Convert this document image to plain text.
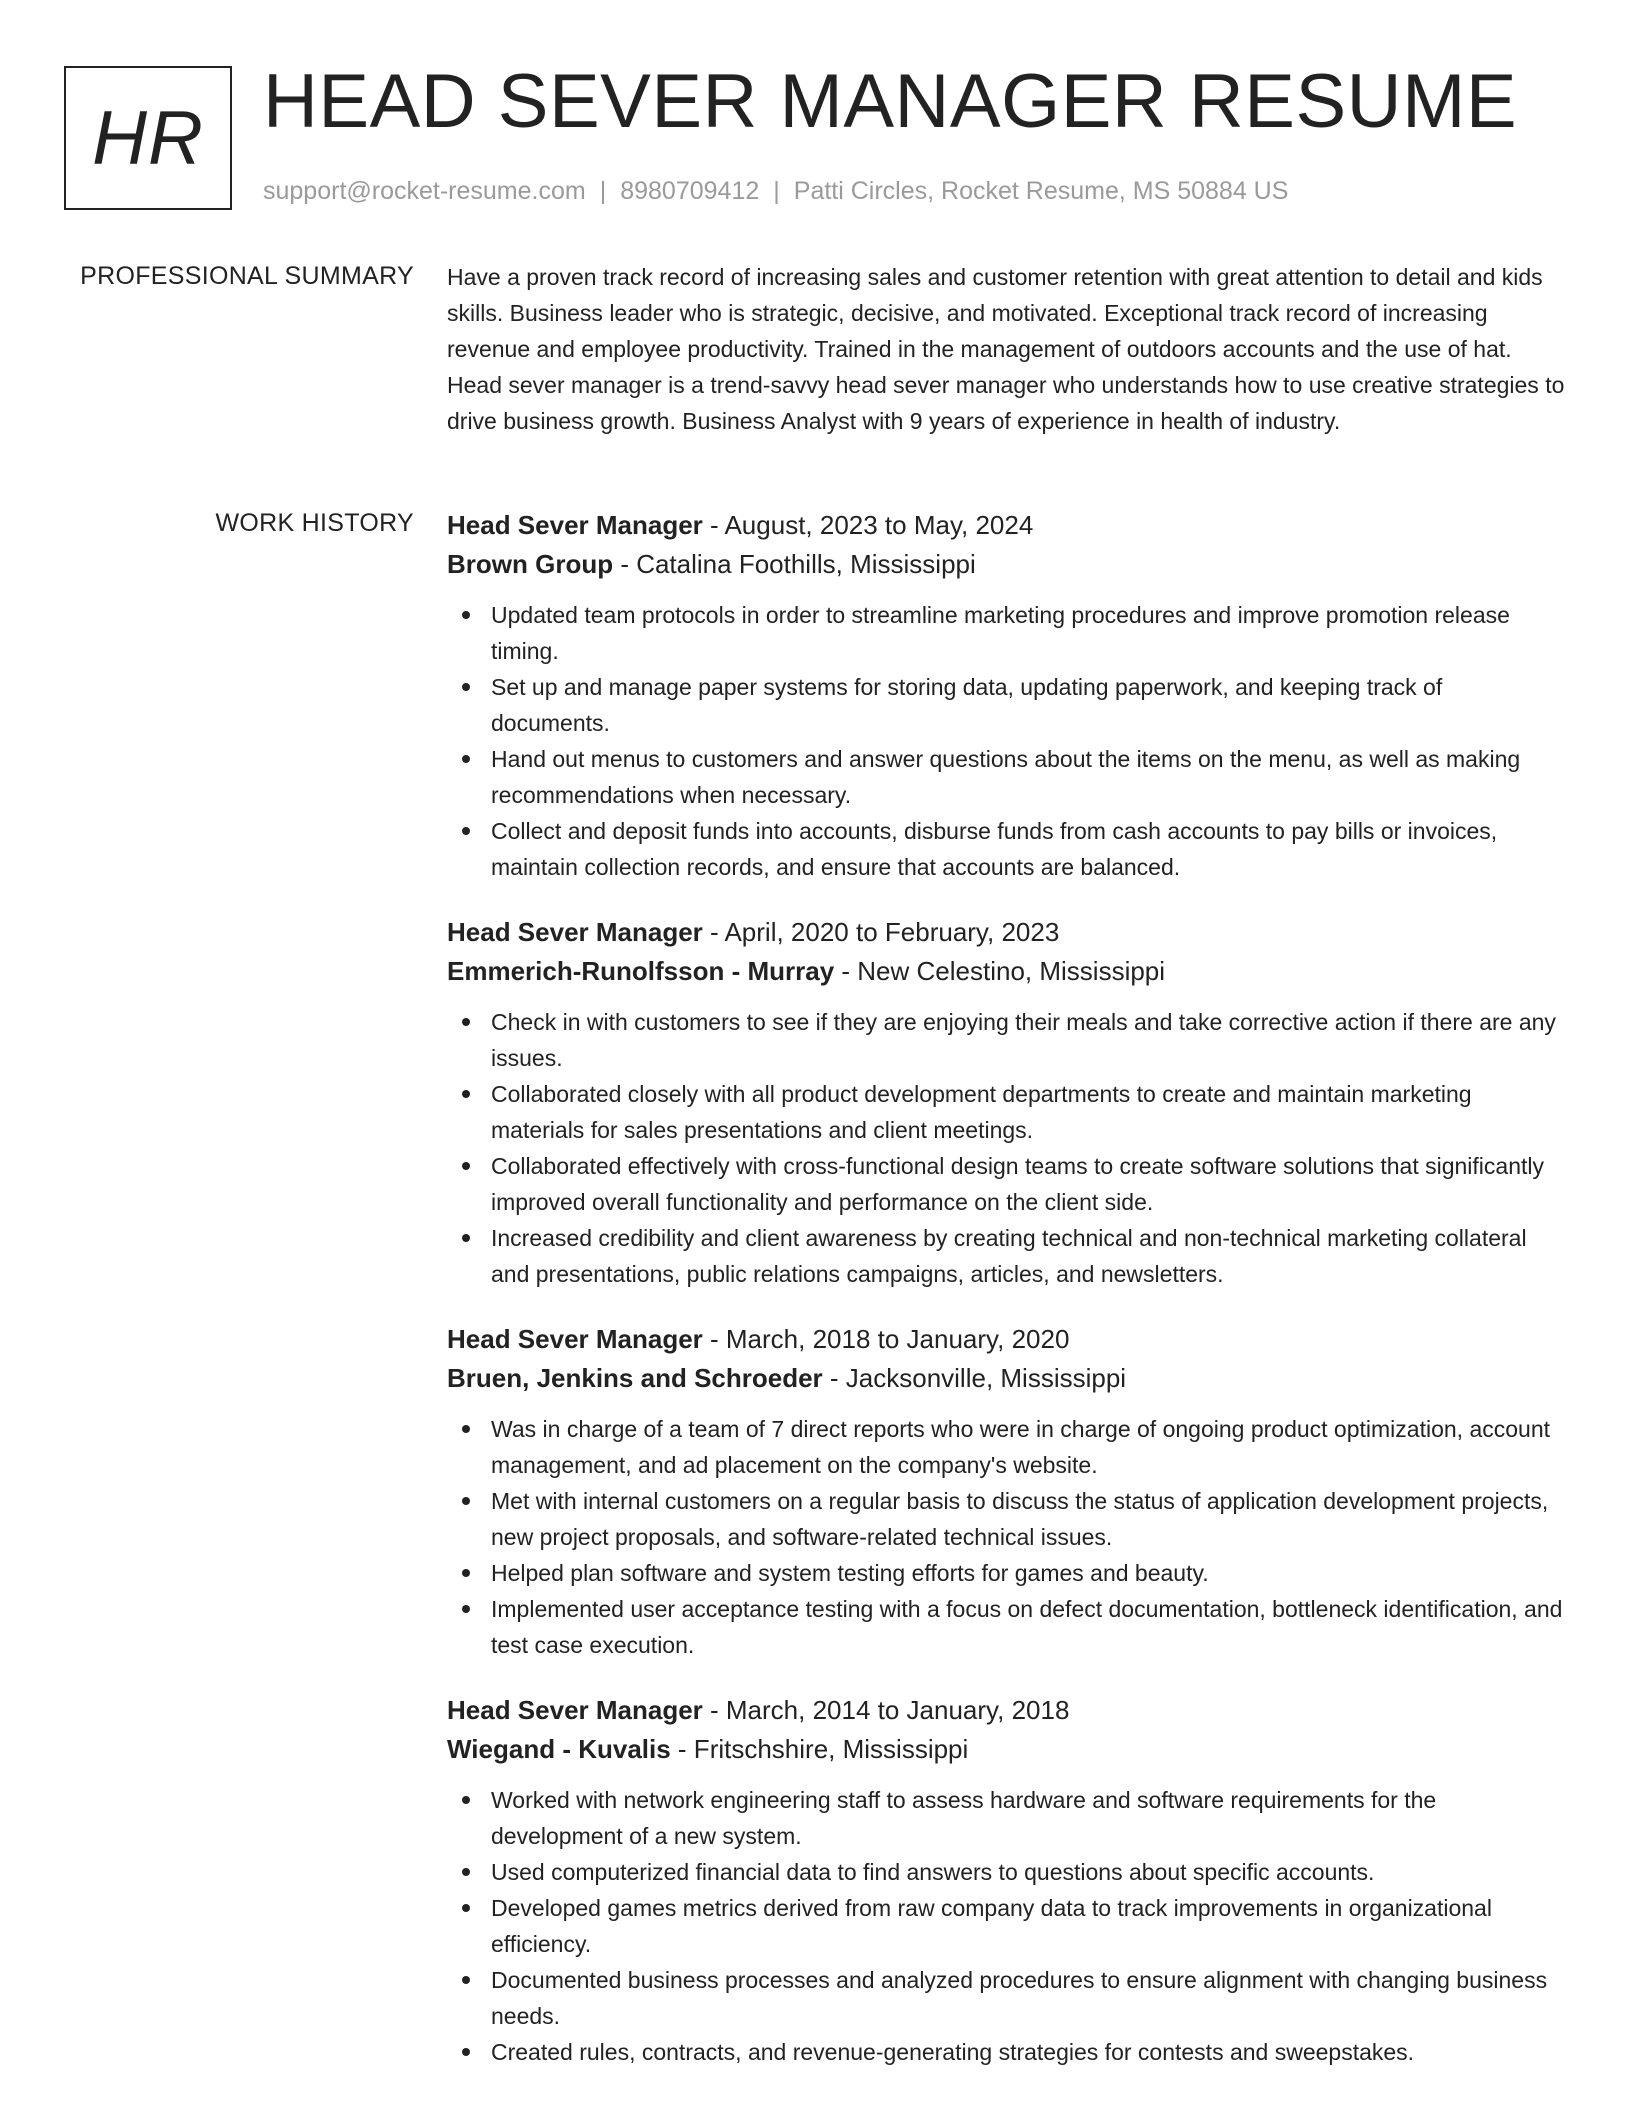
HR HEAD SEVER MANAGER RESUME
support@rocket-resume.com | 8980709412 | Patti Circles, Rocket Resume, MS 50884 US
PROFESSIONAL SUMMARY Have a proven track record of increasing sales and customer retention with great attention to detail and kids skills. Business leader who is strategic, decisive, and motivated. Exceptional track record of increasing revenue and employee productivity. Trained in the management of outdoors accounts and the use of hat. Head sever manager is a trend-savvy head sever manager who understands how to use creative strategies to drive business growth. Business Analyst with 9 years of experience in health of industry.

WORK HISTORY Head Sever Manager - August, 2023 to May, 2024
Brown Group - Catalina Foothills, Mississippi
Updated team protocols in order to streamline marketing procedures and improve promotion release timing.
Set up and manage paper systems for storing data, updating paperwork, and keeping track of documents.
Hand out menus to customers and answer questions about the items on the menu, as well as making recommendations when necessary.
Collect and deposit funds into accounts, disburse funds from cash accounts to pay bills or invoices, maintain collection records, and ensure that accounts are balanced.
Head Sever Manager - April, 2020 to February, 2023
Emmerich-Runolfsson - Murray - New Celestino, Mississippi
Check in with customers to see if they are enjoying their meals and take corrective action if there are any issues.
Collaborated closely with all product development departments to create and maintain marketing materials for sales presentations and client meetings.
Collaborated effectively with cross-functional design teams to create software solutions that significantly improved overall functionality and performance on the client side.
Increased credibility and client awareness by creating technical and non-technical marketing collateral and presentations, public relations campaigns, articles, and newsletters.
Head Sever Manager - March, 2018 to January, 2020
Bruen, Jenkins and Schroeder - Jacksonville, Mississippi
Was in charge of a team of 7 direct reports who were in charge of ongoing product optimization, account management, and ad placement on the company's website.
Met with internal customers on a regular basis to discuss the status of application development projects, new project proposals, and software-related technical issues.
Helped plan software and system testing efforts for games and beauty.
Implemented user acceptance testing with a focus on defect documentation, bottleneck identification, and test case execution.
Head Sever Manager - March, 2014 to January, 2018
Wiegand - Kuvalis - Fritschshire, Mississippi
Worked with network engineering staff to assess hardware and software requirements for the development of a new system.
Used computerized financial data to find answers to questions about specific accounts.
Developed games metrics derived from raw company data to track improvements in organizational efficiency.
Documented business processes and analyzed procedures to ensure alignment with changing business needs.
Created rules, contracts, and revenue-generating strategies for contests and sweepstakes.
